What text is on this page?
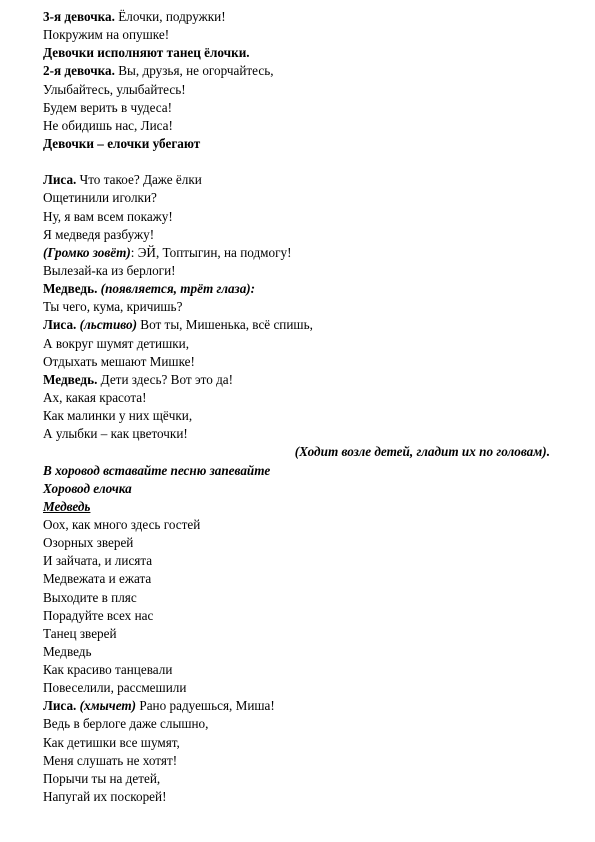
3-я девочка. Ёлочки, подружки!
Покружим на опушке!
Девочки исполняют танец ёлочки.
2-я девочка. Вы, друзья, не огорчайтесь,
Улыбайтесь, улыбайтесь!
Будем верить в чудеса!
Не обидишь нас, Лиса!
Девочки – елочки убегают
Лиса. Что такое? Даже ёлки
Ощетинили иголки?
Ну, я вам всем покажу!
Я медведя разбужу!
(Громко зовёт): ЭЙ, Топтыгин, на подмогу!
Вылезай-ка из берлоги!
Медведь. (появляется, трёт глаза):
Ты чего, кума, кричишь?
Лиса. (льстиво) Вот ты, Мишенька, всё спишь,
А вокруг шумят детишки,
Отдыхать мешают Мишке!
Медведь. Дети здесь? Вот это да!
Ах, какая красота!
Как малинки у них щёчки,
А улыбки – как цветочки!
(Ходит возле детей, гладит их по головам).
В хоровод вставайте песню запевайте
Хоровод елочка
Медведь
Оох, как много здесь гостей
Озорных зверей
И зайчата, и лисята
Медвежата и ежата
Выходите в пляс
Порадуйте всех нас
Танец зверей
Медведь
Как красиво танцевали
Повеселили, рассмешили
Лиса. (хмычет) Рано радуешься, Миша!
Ведь в берлоге даже слышно,
Как детишки все шумят,
Меня слушать не хотят!
Порычи ты на детей,
Напугай их поскорей!
